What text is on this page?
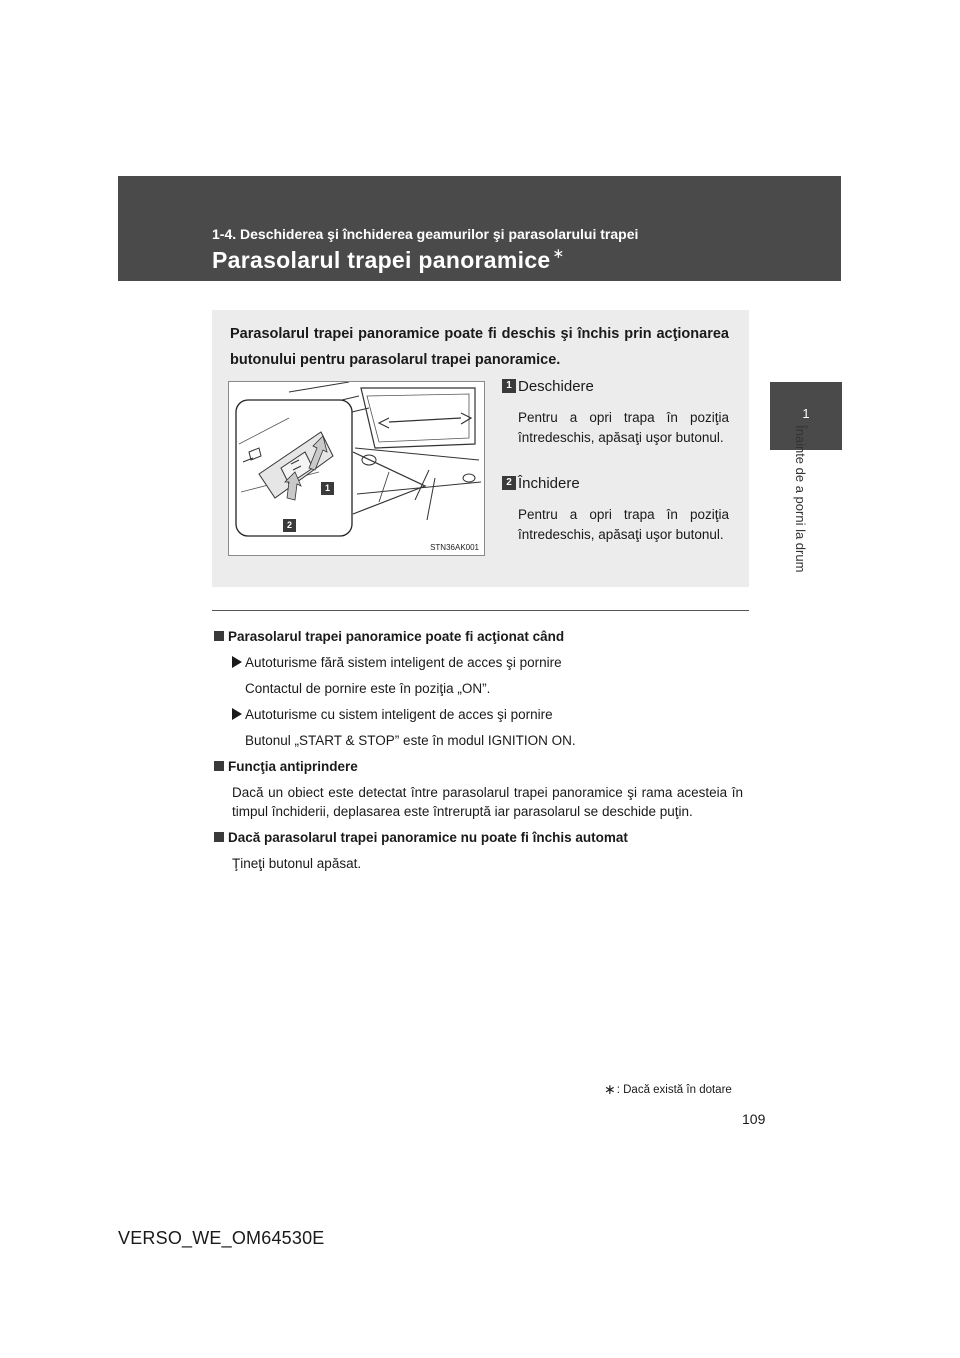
1-4. Deschiderea şi închiderea geamurilor şi parasolarului trapei
Parasolarul trapei panoramice ∗
1
Înainte de a porni la drum
Parasolarul trapei panoramice poate fi deschis şi închis prin acţionarea butonului pentru parasolarul trapei panoramice.
1
2
STN36AK001
1 Deschidere
Pentru a opri trapa în poziţia întredeschis, apăsaţi uşor butonul.
2 Închidere
Pentru a opri trapa în poziţia întredeschis, apăsaţi uşor butonul.
Parasolarul trapei panoramice poate fi acţionat când
Autoturisme fără sistem inteligent de acces şi pornire
Contactul de pornire este în poziţia „ON”.
Autoturisme cu sistem inteligent de acces şi pornire
Butonul „START & STOP” este în modul IGNITION ON.
Funcţia antiprindere
Dacă un obiect este detectat între parasolarul trapei panoramice şi rama acesteia în timpul închiderii, deplasarea este întreruptă iar parasolarul se deschide puţin.
Dacă parasolarul trapei panoramice nu poate fi închis automat
Ţineţi butonul apăsat.
∗: Dacă există în dotare
109
VERSO_WE_OM64530E
